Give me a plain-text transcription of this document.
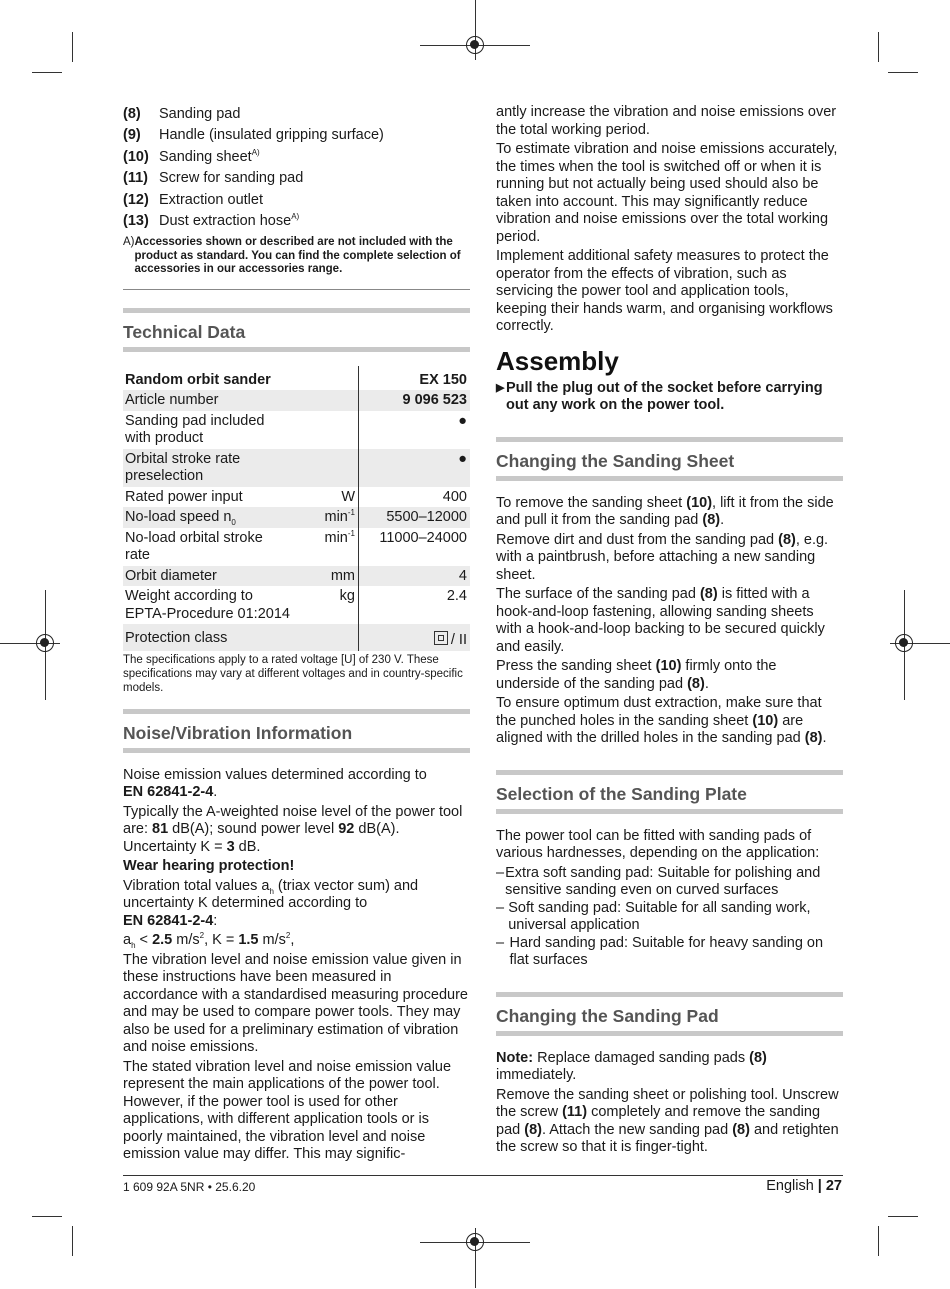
(8)	Sanding pad
(9)	Handle (insulated gripping surface)
(10) Sanding sheet$^{A)}$
(11) Screw for sanding pad
(12) Extraction outlet
(13) Dust extraction hose$^{A)}$
A) Accessories shown or described are not included with the product as standard. You can find the complete selection of accessories in our accessories range.
Technical Data
Random orbit sander		EX 150
Article number		9 096 523
Sanding pad included with product		●
Orbital stroke rate preselection		●
Rated power input	W	400
No-load speed $n_0$	$\min^{-1}$	5500–12000
No-load orbital stroke rate	$\min^{-1}$	11000–24000
Orbit diameter	mm	4
Weight according to EPTA-Procedure 01:2014	kg	2.4
Protection class		/ II
The specifications apply to a rated voltage [U] of 230 V. These specifications may vary at different voltages and in country-specific models.
Noise/Vibration Information

Noise emission values determined according to
EN 62841-2-4.

Typically the A-weighted noise level of the power tool are: 81 dB(A); sound power level 92 dB(A). Uncertainty K = 3 dB.

Wear hearing protection!

Vibration total values $a_h$ (triax vector sum) and uncertainty K determined according to
EN 62841-2-4:

$a_h < 2.5$ $m/s^2$, K = 1.5 $m/s^2$,

The vibration level and noise emission value given in these instructions have been measured in accordance with a standardised measuring procedure and may be used to compare power tools. They may also be used for a preliminary estimation of vibration and noise emissions.

The stated vibration level and noise emission value represent the main applications of the power tool. However, if the power tool is used for other applications, with different application tools or is poorly maintained, the vibration level and noise emission value may differ. This may signific-

antly increase the vibration and noise emissions over the total working period.

To estimate vibration and noise emissions accurately, the times when the tool is switched off or when it is running but not actually being used should also be taken into account. This may significantly reduce vibration and noise emissions over the total working period.

Implement additional safety measures to protect the operator from the effects of vibration, such as servicing the power tool and application tools, keeping their hands warm, and organising workflows correctly.

Assembly
▶ Pull the plug out of the socket before carrying out any work on the power tool.
Changing the Sanding Sheet

To remove the sanding sheet (10), lift it from the side and pull it from the sanding pad (8).

Remove dirt and dust from the sanding pad (8), e.g. with a paintbrush, before attaching a new sanding sheet.

The surface of the sanding pad (8) is fitted with a hook-and-loop fastening, allowing sanding sheets with a hook-and-loop backing to be secured quickly and easily.

Press the sanding sheet (10) firmly onto the underside of the sanding pad (8).

To ensure optimum dust extraction, make sure that the punched holes in the sanding sheet (10) are aligned with the drilled holes in the sanding pad (8).

Selection of the Sanding Plate

The power tool can be fitted with sanding pads of various hardnesses, depending on the application:

– Extra soft sanding pad: Suitable for polishing and sensitive sanding even on curved surfaces
– Soft sanding pad: Suitable for all sanding work, universal application
– Hard sanding pad: Suitable for heavy sanding on flat surfaces
Changing the Sanding Pad

Note: Replace damaged sanding pads (8) immediately.

Remove the sanding sheet or polishing tool. Unscrew the screw (11) completely and remove the sanding pad (8). Attach the new sanding pad (8) and retighten the screw so that it is finger-tight.

1 609 92A 5NR • 25.6.20	English | 27
